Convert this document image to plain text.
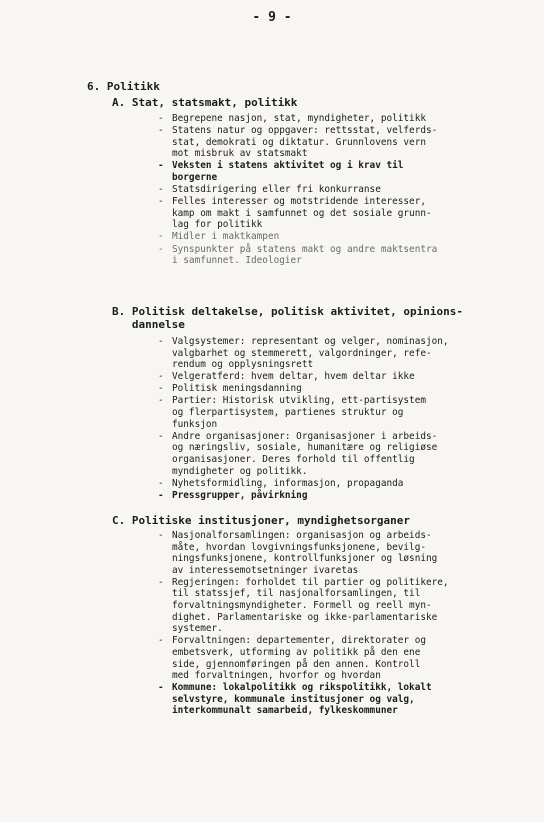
- 9 -
6. Politikk
A. Stat, statsmakt, politikk
- Begrepene nasjon, stat, myndigheter, politikk
- Statens natur og oppgaver: rettsstat, velferds-
stat, demokrati og diktatur. Grunnlovens vern
mot misbruk av statsmakt
- Veksten i statens aktivitet og i krav til
borgerne
- Statsdirigering eller fri konkurranse
- Felles interesser og motstridende interesser,
kamp om makt i samfunnet og det sosiale grunn-
lag for politikk
- Midler i maktkampen
- Synspunkter på statens makt og andre maktsentra
i samfunnet. Ideologier
B. Politisk deltakelse, politisk aktivitet, opinions-
dannelse
- Valgsystemer: representant og velger, nominasjon,
valgbarhet og stemmerett, valgordninger, refe-
rendum og opplysningsrett
- Velgeratferd: hvem deltar, hvem deltar ikke
- Politisk meningsdanning
- Partier: Historisk utvikling, ett-partisystem
og flerpartisystem, partienes struktur og
funksjon
- Andre organisasjoner: Organisasjoner i arbeids-
og næringsliv, sosiale, humanitære og religiøse
organisasjoner. Deres forhold til offentlig
myndigheter og politikk.
- Nyhetsformidling, informasjon, propaganda
- Pressgrupper, påvirkning
C. Politiske institusjoner, myndighetsorganer
- Nasjonalforsamlingen: organisasjon og arbeids-
måte, hvordan lovgivningsfunksjonene, bevilg-
ningsfunksjonene, kontrollfunksjoner og løsning
av interessemotsetninger ivaretas
- Regjeringen: forholdet til partier og politikere,
til statssjef, til nasjonalforsamlingen, til
forvaltningsmyndigheter. Formell og reell myn-
dighet. Parlamentariske og ikke-parlamentariske
systemer.
- Forvaltningen: departementer, direktorater og
embetsverk, utforming av politikk på den ene
side, gjennomføringen på den annen. Kontroll
med forvaltningen, hvorfor og hvordan
- Kommune: lokalpolitikk og rikspolitikk, lokalt
selvstyre, kommunale institusjoner og valg,
interkommunalt samarbeid, fylkeskommuner
